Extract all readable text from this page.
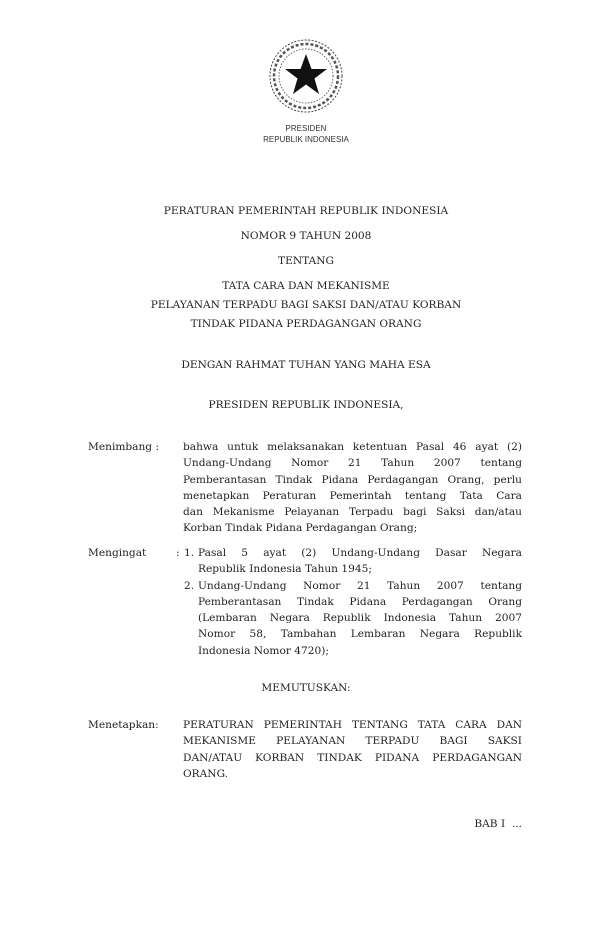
PRESIDEN
REPUBLIK INDONESIA
PERATURAN PEMERINTAH REPUBLIK INDONESIA
NOMOR 9 TAHUN 2008
TENTANG
TATA CARA DAN MEKANISME
PELAYANAN TERPADU BAGI SAKSI DAN/ATAU KORBAN
TINDAK PIDANA PERDAGANGAN ORANG
DENGAN RAHMAT TUHAN YANG MAHA ESA
PRESIDEN REPUBLIK INDONESIA,
Menimbang : bahwa untuk melaksanakan ketentuan Pasal 46 ayat (2)
Undang-Undang Nomor 21 Tahun 2007 tentang
Pemberantasan Tindak Pidana Perdagangan Orang, perlu
menetapkan Peraturan Pemerintah tentang Tata Cara
dan Mekanisme Pelayanan Terpadu bagi Saksi dan/atau
Korban Tindak Pidana Perdagangan Orang;
Mengingat	: 1. Pasal 5 ayat (2) Undang-Undang Dasar Negara
Republik Indonesia Tahun 1945;
2. Undang-Undang Nomor 21 Tahun 2007 tentang
Pemberantasan Tindak Pidana Perdagangan Orang
(Lembaran Negara Republik Indonesia Tahun 2007
Nomor 58, Tambahan Lembaran Negara Republik
Indonesia Nomor 4720);
MEMUTUSKAN:
Menetapkan: PERATURAN PEMERINTAH TENTANG TATA CARA DAN
MEKANISME PELAYANAN TERPADU BAGI SAKSI
DAN/ATAU KORBAN TINDAK PIDANA PERDAGANGAN
ORANG.
BAB I  ...
